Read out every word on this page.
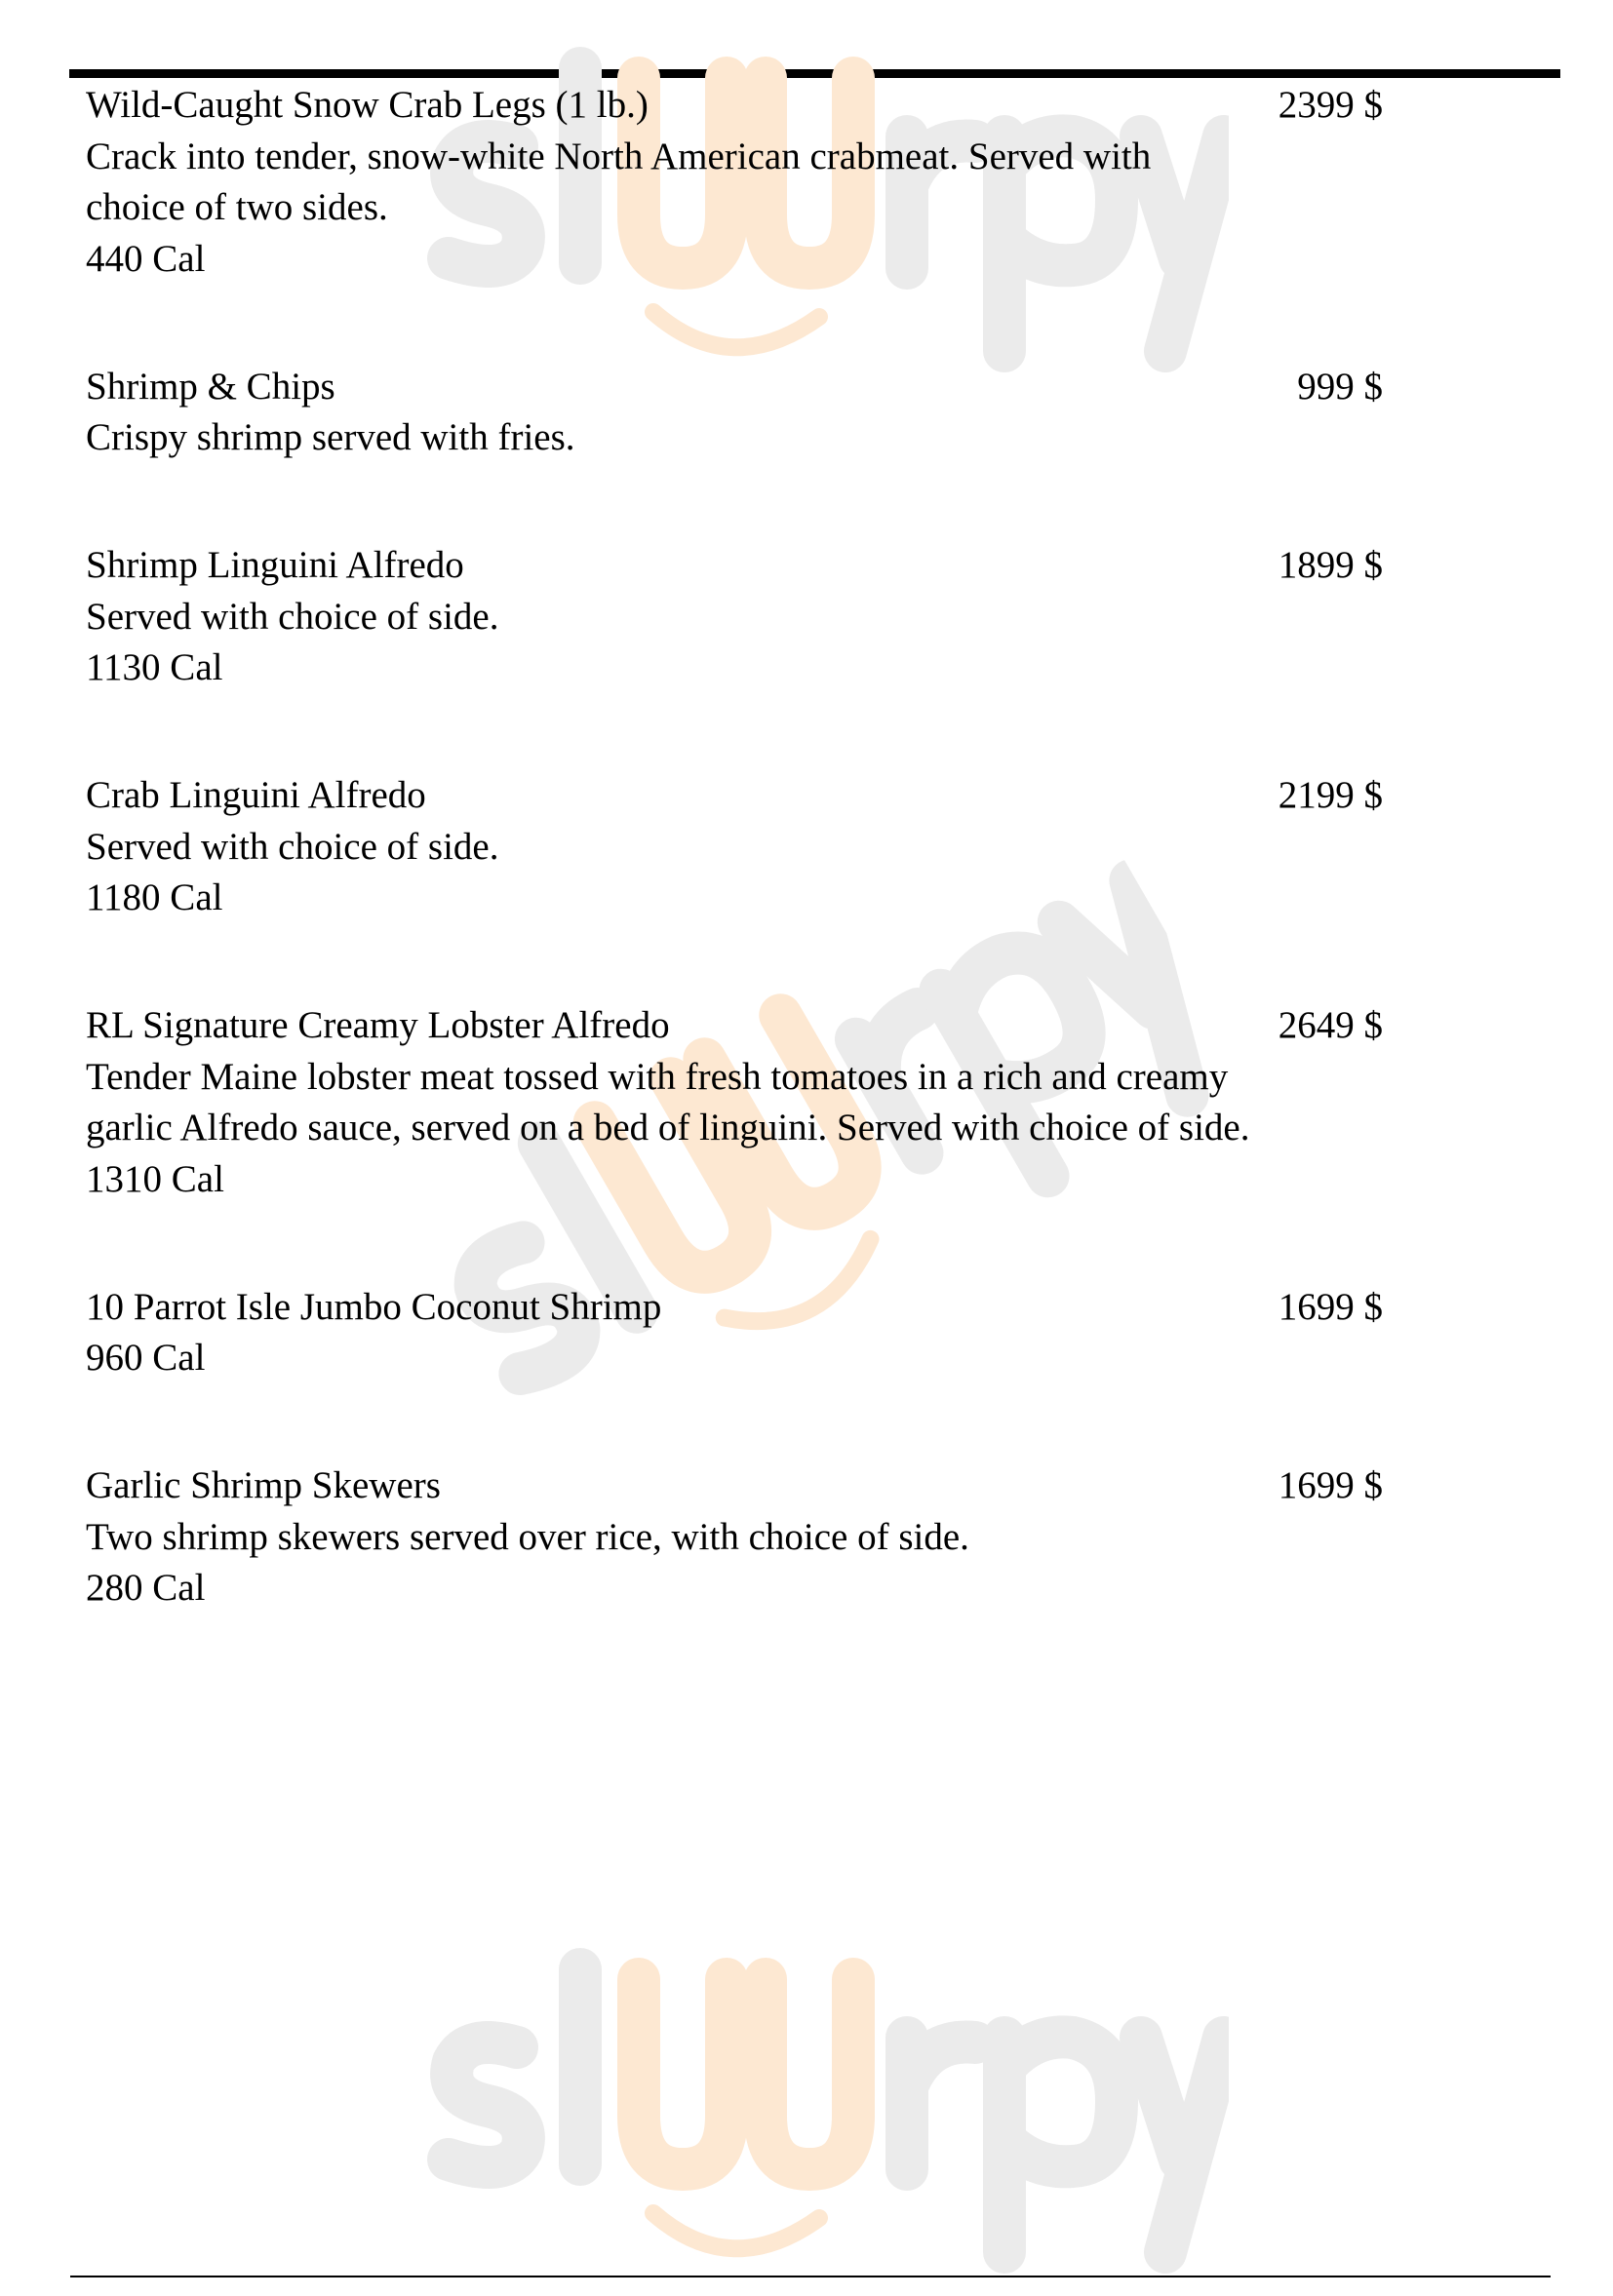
Wild-Caught Snow Crab Legs (1 lb.)
Crack into tender, snow-white North American crabmeat. Served with choice of two sides.
440 Cal
2399 $
Shrimp & Chips
Crispy shrimp served with fries.
999 $
Shrimp Linguini Alfredo
Served with choice of side.
1130 Cal
1899 $
Crab Linguini Alfredo
Served with choice of side.
1180 Cal
2199 $
RL Signature Creamy Lobster Alfredo
Tender Maine lobster meat tossed with fresh tomatoes in a rich and creamy garlic Alfredo sauce, served on a bed of linguini. Served with choice of side.
1310 Cal
2649 $
10 Parrot Isle Jumbo Coconut Shrimp
960 Cal
1699 $
Garlic Shrimp Skewers
Two shrimp skewers served over rice, with choice of side.
280 Cal
1699 $
